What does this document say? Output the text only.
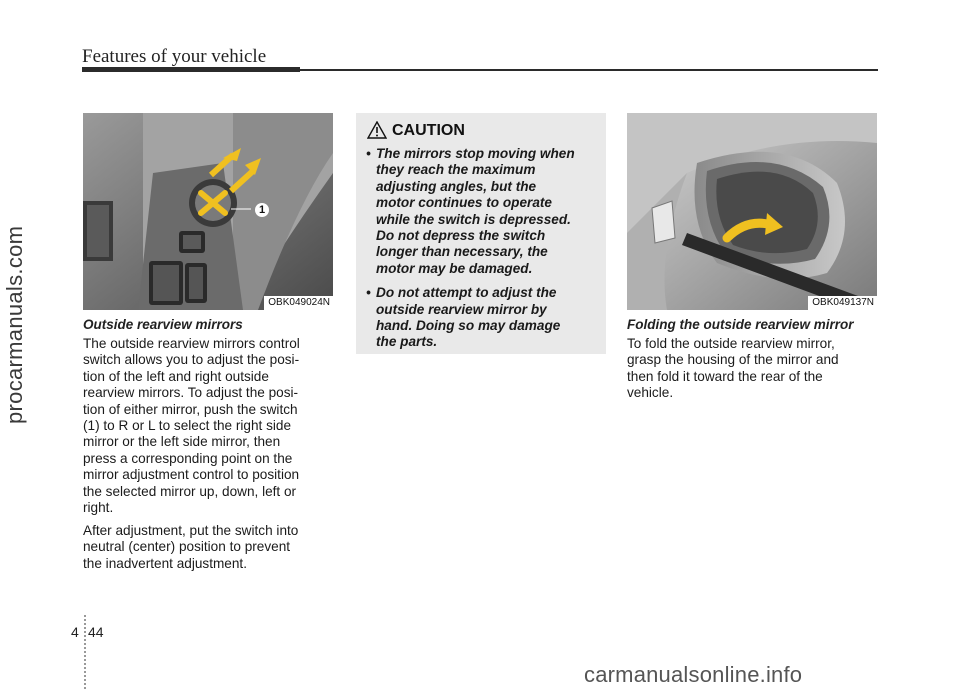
Features of your vehicle
procarmanuals.com
1
OBK049024N
Outside rearview mirrors
The outside rearview mirrors control
switch allows you to adjust the posi-
tion of the left and right outside
rearview mirrors. To adjust the posi-
tion of either mirror, push the switch
(1) to R or L to select the right side
mirror or the left side mirror, then
press a corresponding point on the
mirror adjustment control to position
the selected mirror up, down, left or
right.
After adjustment, put the switch into
neutral (center) position to prevent
the inadvertent adjustment.
CAUTION
• The mirrors stop moving when
they reach the maximum
adjusting angles, but the
motor continues to operate
while the switch is depressed.
Do not depress the switch
longer than necessary, the
motor may be damaged.
• Do not attempt to adjust the
outside rearview mirror by
hand. Doing so may damage
the parts.
OBK049137N
Folding the outside rearview mirror
To fold the outside rearview mirror,
grasp the housing of the mirror and
then fold it toward the rear of the
vehicle.
4 44
carmanualsonline.info
